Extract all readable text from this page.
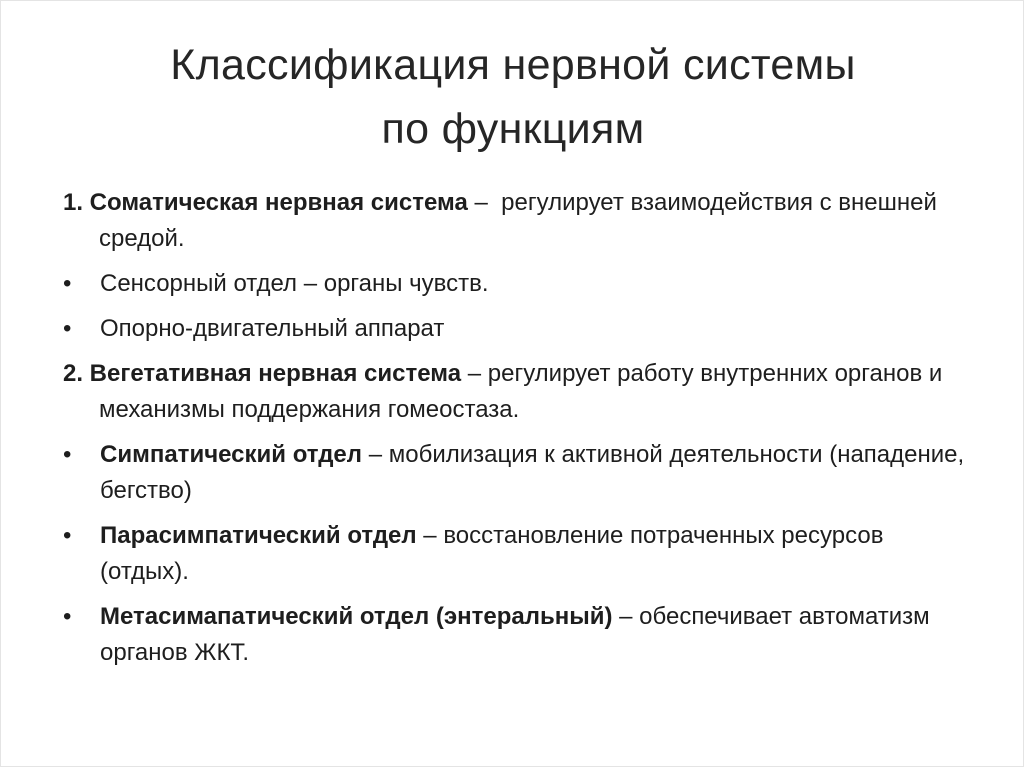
Классификация нервной системы
по функциям
1. Соматическая нервная система –  регулирует взаимодействия с внешней средой.
•	Сенсорный отдел – органы чувств.
•	Опорно-двигательный аппарат
2. Вегетативная нервная система – регулирует работу внутренних органов и механизмы поддержания гомеостаза.
•	Симпатический отдел – мобилизация к активной деятельности (нападение, бегство)
•	Парасимпатический отдел – восстановление потраченных ресурсов (отдых).
•	Метасимапатический отдел (энтеральный) – обеспечивает автоматизм органов ЖКТ.
